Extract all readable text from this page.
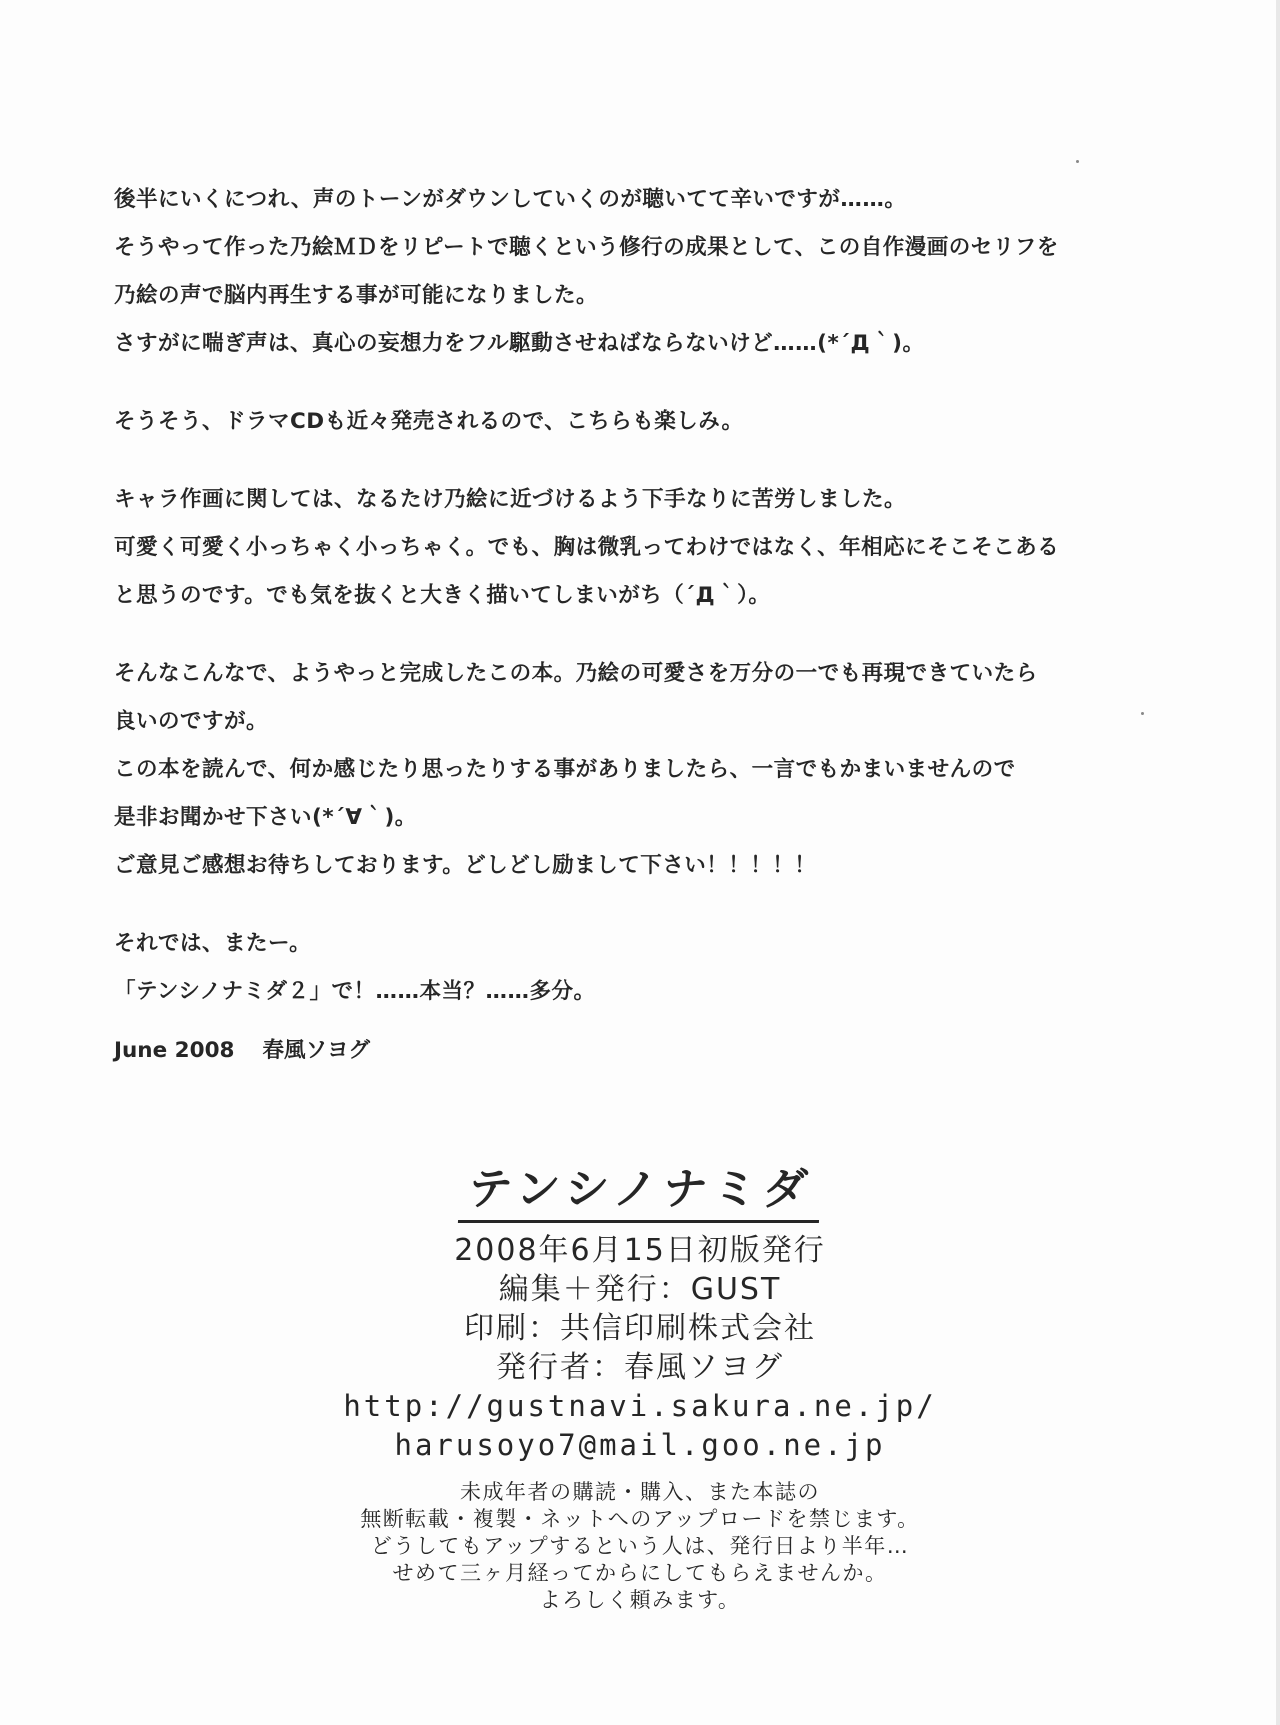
後半にいくにつれ、声のトーンがダウンしていくのが聴いてて辛いですが……。
そうやって作った乃絵ＭＤをリピートで聴くという修行の成果として、この自作漫画のセリフを
乃絵の声で脳内再生する事が可能になりました。
さすがに喘ぎ声は、真心の妄想力をフル駆動させねばならないけど……(*´Д｀)。
そうそう、ドラマCDも近々発売されるので、こちらも楽しみ。
キャラ作画に関しては、なるたけ乃絵に近づけるよう下手なりに苦労しました。
可愛く可愛く小っちゃく小っちゃく。でも、胸は微乳ってわけではなく、年相応にそこそこある
と思うのです。でも気を抜くと大きく描いてしまいがち（´Д｀）。
そんなこんなで、ようやっと完成したこの本。乃絵の可愛さを万分の一でも再現できていたら
良いのですが。
この本を読んで、何か感じたり思ったりする事がありましたら、一言でもかまいませんので
是非お聞かせ下さい(*´∀｀)。
ご意見ご感想お待ちしております。どしどし励まして下さい！！！！！
それでは、またー。
「テンシノナミダ２」で！……本当？……多分。
June 2008 春風ソヨグ
テンシノナミダ

2008年6月15日初版発行

編集＋発行：GUST

印刷：共信印刷株式会社

発行者：春風ソヨグ

http://gustnavi.sakura.ne.jp/

harusoyo7@mail.goo.ne.jp

未成年者の購読・購入、また本誌の
無断転載・複製・ネットへのアップロードを禁じます。
どうしてもアップするという人は、発行日より半年…
せめて三ヶ月経ってからにしてもらえませんか。
よろしく頼みます。
